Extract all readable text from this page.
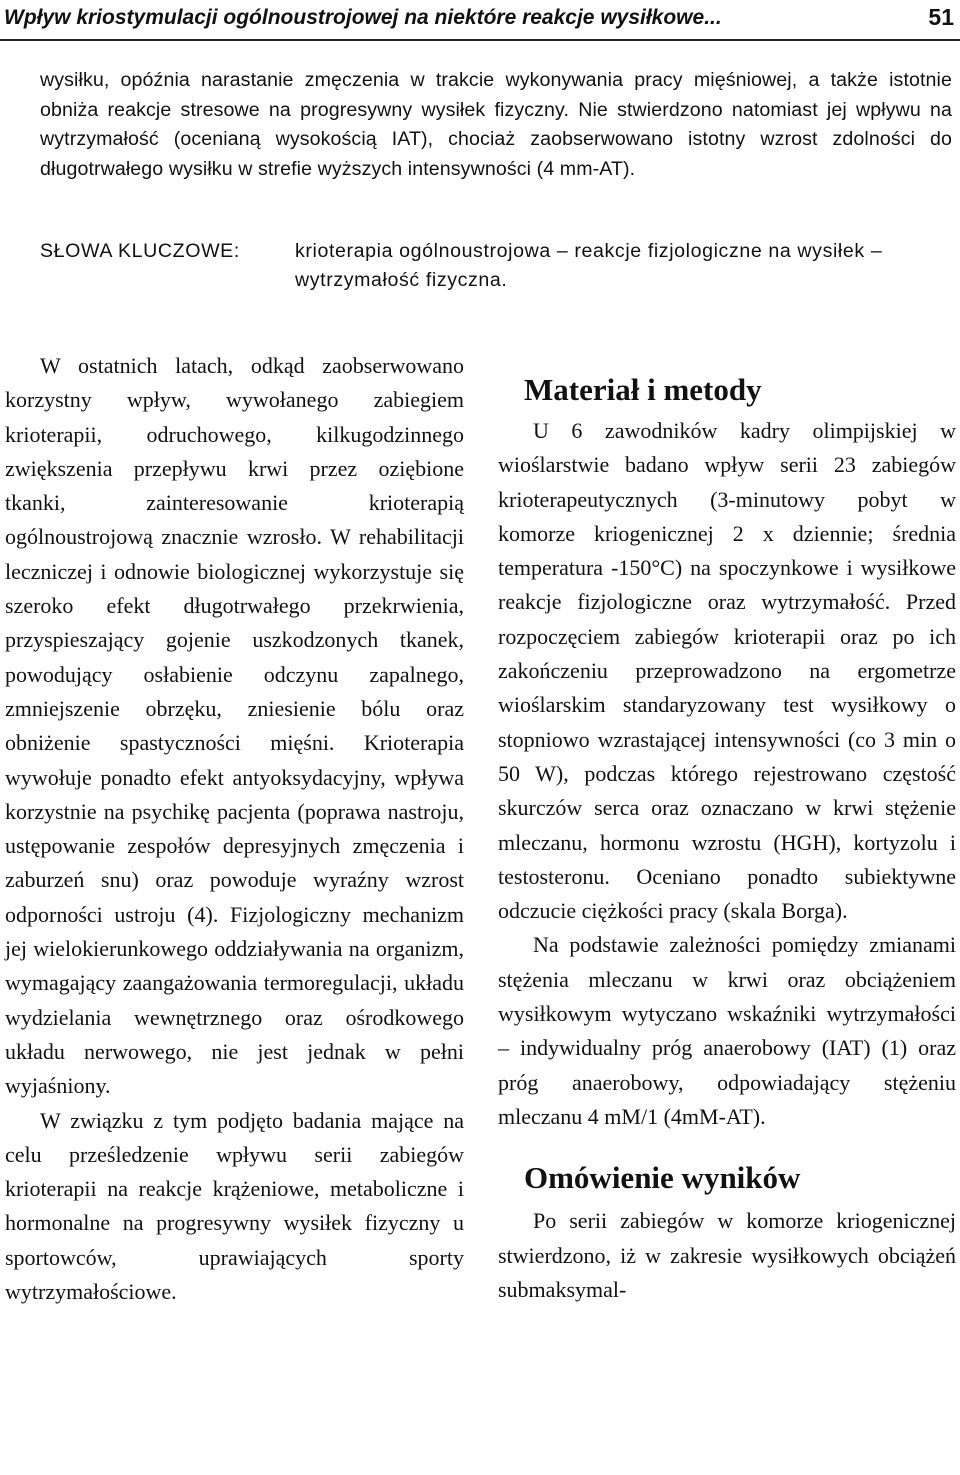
Wpływ kriostymulacji ogólnoustrojowej na niektóre reakcje wysiłkowe...	51

wysiłku, opóźnia narastanie zmęczenia w trakcie wykonywania pracy mięśniowej, a także istotnie obniża reakcje stresowe na progresywny wysiłek fizyczny. Nie stwierdzono natomiast jej wpływu na wytrzymałość (ocenianą wysokością IAT), chociaż zaobserwowano istotny wzrost zdolności do długotrwałego wysiłku w strefie wyższych intensywności (4 mm-AT).

SŁOWA KLUCZOWE:	krioterapia ogólnoustrojowa – reakcje fizjologiczne na wysiłek – wytrzymałość fizyczna.

W ostatnich latach, odkąd zaobserwowano korzystny wpływ, wywołanego zabiegiem krioterapii, odruchowego, kilkugodzinnego zwiększenia przepływu krwi przez oziębione tkanki, zainteresowanie krioterapią ogólnoustrojową znacznie wzrosło. W rehabilitacji leczniczej i odnowie biologicznej wykorzystuje się szeroko efekt długotrwałego przekrwienia, przyspieszający gojenie uszkodzonych tkanek, powodujący osłabienie odczynu zapalnego, zmniejszenie obrzęku, zniesienie bólu oraz obniżenie spastyczności mięśni. Krioterapia wywołuje ponadto efekt antyoksydacyjny, wpływa korzystnie na psychikę pacjenta (poprawa nastroju, ustępowanie zespołów depresyjnych zmęczenia i zaburzeń snu) oraz powoduje wyraźny wzrost odporności ustroju (4). Fizjologiczny mechanizm jej wielokierunkowego oddziaływania na organizm, wymagający zaangażowania termoregulacji, układu wydzielania wewnętrznego oraz ośrodkowego układu nerwowego, nie jest jednak w pełni wyjaśniony.

W związku z tym podjęto badania mające na celu prześledzenie wpływu serii zabiegów krioterapii na reakcje krążeniowe, metaboliczne i hormonalne na progresywny wysiłek fizyczny u sportowców, uprawiających sporty wytrzymałościowe.

Materiał i metody

U 6 zawodników kadry olimpijskiej w wioślarstwie badano wpływ serii 23 zabiegów krioterapeutycznych (3-minutowy pobyt w komorze kriogenicznej 2 x dziennie; średnia temperatura -150°C) na spoczynkowe i wysiłkowe reakcje fizjologiczne oraz wytrzymałość. Przed rozpoczęciem zabiegów krioterapii oraz po ich zakończeniu przeprowadzono na ergometrze wioślarskim standaryzowany test wysiłkowy o stopniowo wzrastającej intensywności (co 3 min o 50 W), podczas którego rejestrowano częstość skurczów serca oraz oznaczano w krwi stężenie mleczanu, hormonu wzrostu (HGH), kortyzolu i testosteronu. Oceniano ponadto subiektywne odczucie ciężkości pracy (skala Borga).

Na podstawie zależności pomiędzy zmianami stężenia mleczanu w krwi oraz obciążeniem wysiłkowym wytyczano wskaźniki wytrzymałości – indywidualny próg anaerobowy (IAT) (1) oraz próg anaerobowy, odpowiadający stężeniu mleczanu 4 mM/1 (4mM-AT).

Omówienie wyników

Po serii zabiegów w komorze kriogenicznej stwierdzono, iż w zakresie wysiłkowych obciążeń submaksymal-
